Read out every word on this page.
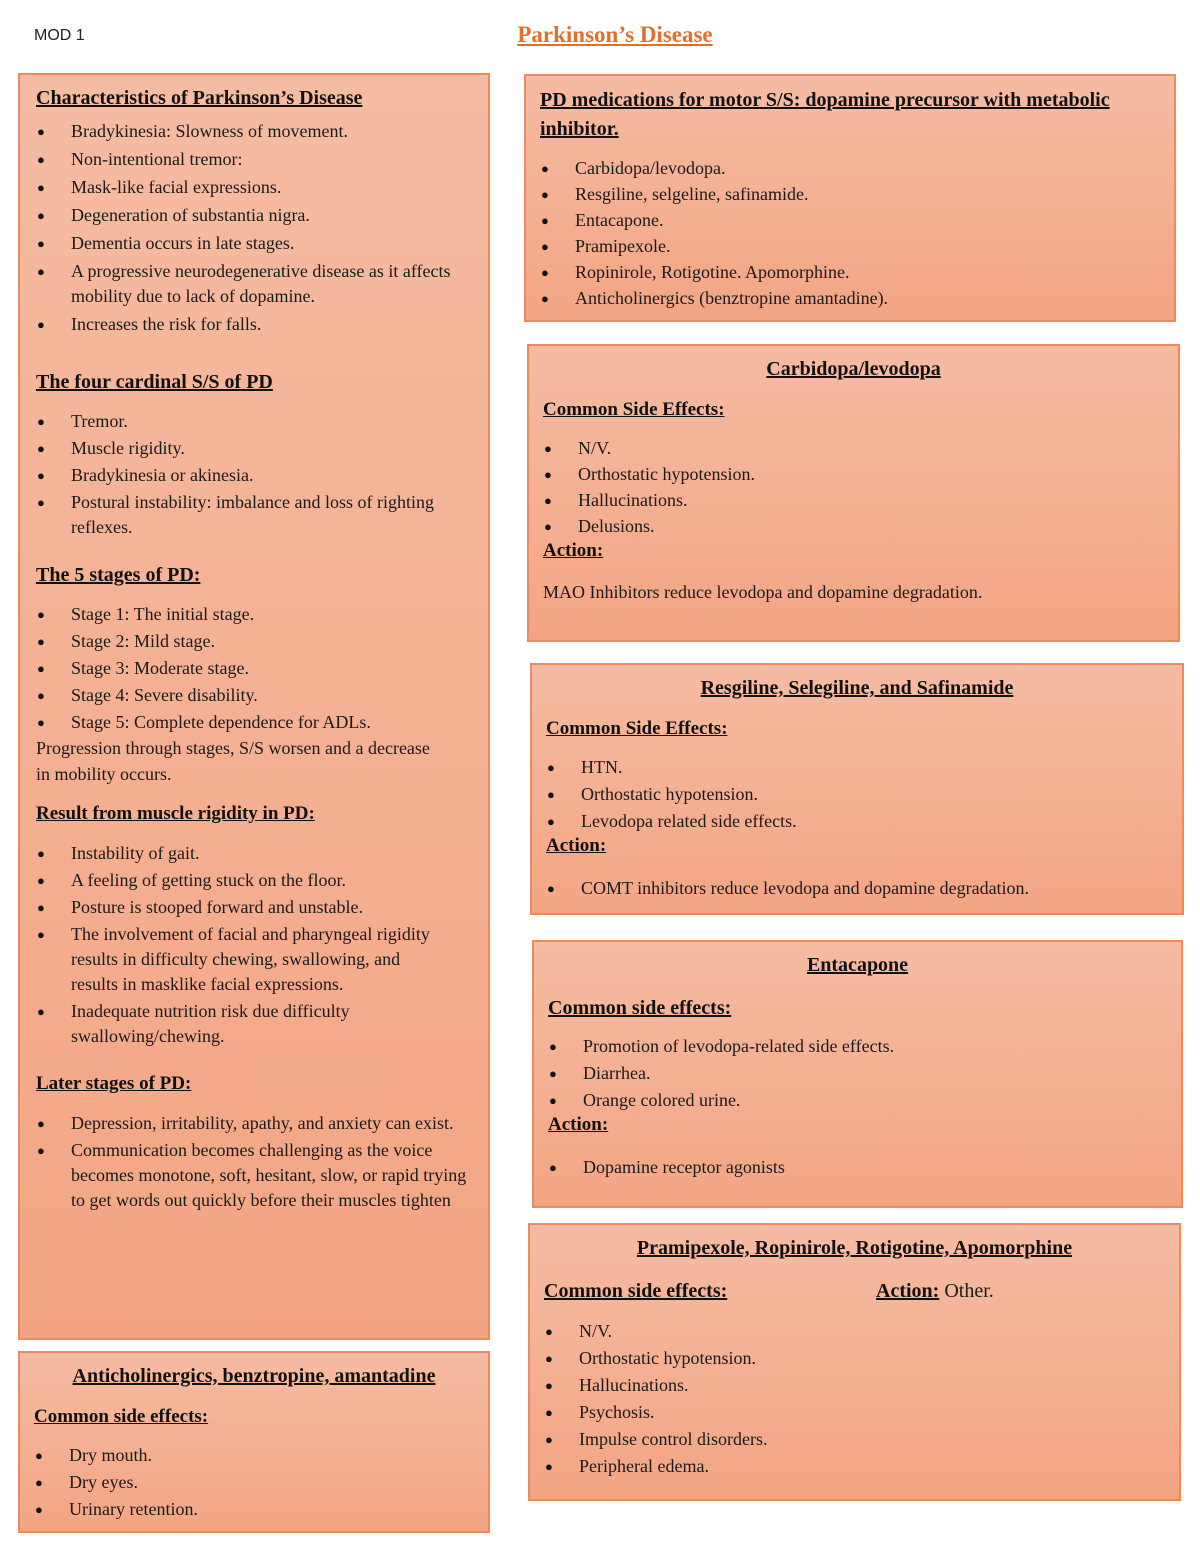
MOD 1	Parkinson’s Disease
Characteristics of Parkinson’s Disease
● Bradykinesia: Slowness of movement.
● Non-intentional tremor:
● Mask-like facial expressions.
● Degeneration of substantia nigra.
● Dementia occurs in late stages.
● A progressive neurodegenerative disease as it affects mobility due to lack of dopamine.
● Increases the risk for falls.
The four cardinal S/S of PD
● Tremor.
● Muscle rigidity.
● Bradykinesia or akinesia.
● Postural instability: imbalance and loss of righting reflexes.
The 5 stages of PD:
● Stage 1: The initial stage.
● Stage 2: Mild stage.
● Stage 3: Moderate stage.
● Stage 4: Severe disability.
● Stage 5: Complete dependence for ADLs.
Progression through stages, S/S worsen and a decrease in mobility occurs.
Result from muscle rigidity in PD:
● Instability of gait.
● A feeling of getting stuck on the floor.
● Posture is stooped forward and unstable.
● The involvement of facial and pharyngeal rigidity results in difficulty chewing, swallowing, and results in masklike facial expressions.
● Inadequate nutrition risk due difficulty swallowing/chewing.
Later stages of PD:
● Depression, irritability, apathy, and anxiety can exist.
● Communication becomes challenging as the voice becomes monotone, soft, hesitant, slow, or rapid trying to get words out quickly before their muscles tighten
Anticholinergics, benztropine, amantadine
Common side effects:
● Dry mouth.
● Dry eyes.
● Urinary retention.
PD medications for motor S/S: dopamine precursor with metabolic inhibitor.
● Carbidopa/levodopa.
● Resgiline, selgeline, safinamide.
● Entacapone.
● Pramipexole.
● Ropinirole, Rotigotine. Apomorphine.
● Anticholinergics (benztropine amantadine).
Carbidopa/levodopa
Common Side Effects:
● N/V.
● Orthostatic hypotension.
● Hallucinations.
● Delusions.
Action:
MAO Inhibitors reduce levodopa and dopamine degradation.
Resgiline, Selegiline, and Safinamide
Common Side Effects:
● HTN.
● Orthostatic hypotension.
● Levodopa related side effects.
Action:
● COMT inhibitors reduce levodopa and dopamine degradation.
Entacapone
Common side effects:
● Promotion of levodopa-related side effects.
● Diarrhea.
● Orange colored urine.
Action:
● Dopamine receptor agonists
Pramipexole, Ropinirole, Rotigotine, Apomorphine
Common side effects:	Action: Other.
● N/V.
● Orthostatic hypotension.
● Hallucinations.
● Psychosis.
● Impulse control disorders.
● Peripheral edema.
